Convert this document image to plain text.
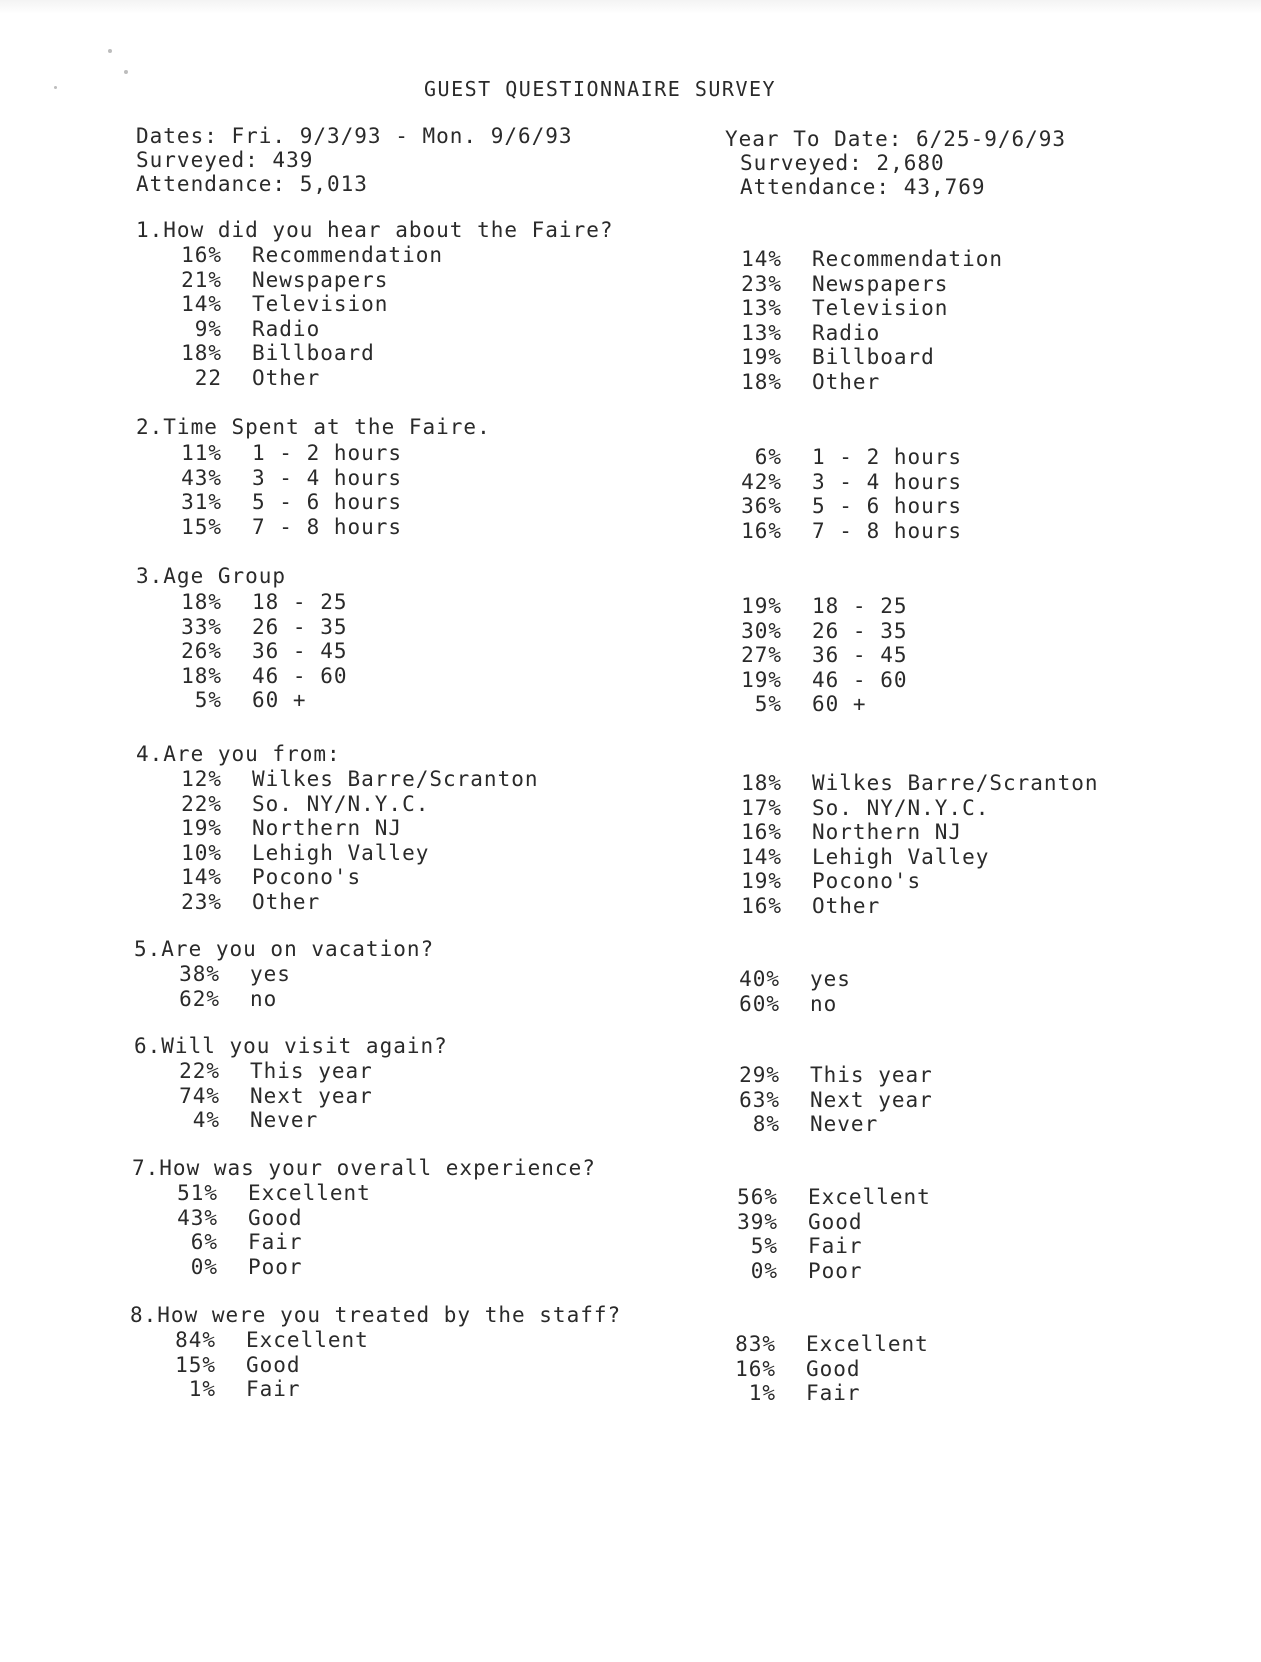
GUEST QUESTIONNAIRE SURVEY
Dates: Fri. 9/3/93 - Mon. 9/6/93
Surveyed: 439
Attendance: 5,013
Year To Date: 6/25-9/6/93
Surveyed: 2,680
Attendance: 43,769
1.How did you hear about the Faire?
16% Recommendation
21% Newspapers
14% Television
9% Radio
18% Billboard
22 Other
14% Recommendation
23% Newspapers
13% Television
13% Radio
19% Billboard
18% Other
2.Time Spent at the Faire.
11% 1 - 2 hours
43% 3 - 4 hours
31% 5 - 6 hours
15% 7 - 8 hours
6% 1 - 2 hours
42% 3 - 4 hours
36% 5 - 6 hours
16% 7 - 8 hours
3.Age Group
18% 18 - 25
33% 26 - 35
26% 36 - 45
18% 46 - 60
5% 60 +
19% 18 - 25
30% 26 - 35
27% 36 - 45
19% 46 - 60
5% 60 +
4.Are you from:
12% Wilkes Barre/Scranton
22% So. NY/N.Y.C.
19% Northern NJ
10% Lehigh Valley
14% Pocono's
23% Other
18% Wilkes Barre/Scranton
17% So. NY/N.Y.C.
16% Northern NJ
14% Lehigh Valley
19% Pocono's
16% Other
5.Are you on vacation?
38% yes
62% no
40% yes
60% no
6.Will you visit again?
22% This year
74% Next year
4% Never
29% This year
63% Next year
8% Never
7.How was your overall experience?
51% Excellent
43% Good
6% Fair
0% Poor
56% Excellent
39% Good
5% Fair
0% Poor
8.How were you treated by the staff?
84% Excellent
15% Good
1% Fair
83% Excellent
16% Good
1% Fair
